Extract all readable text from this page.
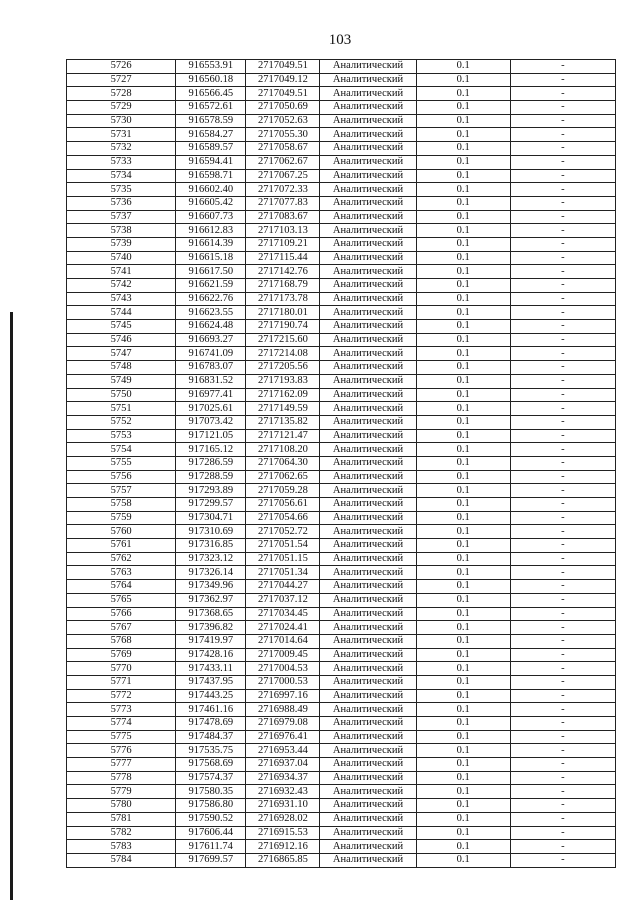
103
5726	916553.91	2717049.51	Аналитический	0.1	-
5727	916560.18	2717049.12	Аналитический	0.1	-
5728	916566.45	2717049.51	Аналитический	0.1	-
5729	916572.61	2717050.69	Аналитический	0.1	-
5730	916578.59	2717052.63	Аналитический	0.1	-
5731	916584.27	2717055.30	Аналитический	0.1	-
5732	916589.57	2717058.67	Аналитический	0.1	-
5733	916594.41	2717062.67	Аналитический	0.1	-
5734	916598.71	2717067.25	Аналитический	0.1	-
5735	916602.40	2717072.33	Аналитический	0.1	-
5736	916605.42	2717077.83	Аналитический	0.1	-
5737	916607.73	2717083.67	Аналитический	0.1	-
5738	916612.83	2717103.13	Аналитический	0.1	-
5739	916614.39	2717109.21	Аналитический	0.1	-
5740	916615.18	2717115.44	Аналитический	0.1	-
5741	916617.50	2717142.76	Аналитический	0.1	-
5742	916621.59	2717168.79	Аналитический	0.1	-
5743	916622.76	2717173.78	Аналитический	0.1	-
5744	916623.55	2717180.01	Аналитический	0.1	-
5745	916624.48	2717190.74	Аналитический	0.1	-
5746	916693.27	2717215.60	Аналитический	0.1	-
5747	916741.09	2717214.08	Аналитический	0.1	-
5748	916783.07	2717205.56	Аналитический	0.1	-
5749	916831.52	2717193.83	Аналитический	0.1	-
5750	916977.41	2717162.09	Аналитический	0.1	-
5751	917025.61	2717149.59	Аналитический	0.1	-
5752	917073.42	2717135.82	Аналитический	0.1	-
5753	917121.05	2717121.47	Аналитический	0.1	-
5754	917165.12	2717108.20	Аналитический	0.1	-
5755	917286.59	2717064.30	Аналитический	0.1	-
5756	917288.59	2717062.65	Аналитический	0.1	-
5757	917293.89	2717059.28	Аналитический	0.1	-
5758	917299.57	2717056.61	Аналитический	0.1	-
5759	917304.71	2717054.66	Аналитический	0.1	-
5760	917310.69	2717052.72	Аналитический	0.1	-
5761	917316.85	2717051.54	Аналитический	0.1	-
5762	917323.12	2717051.15	Аналитический	0.1	-
5763	917326.14	2717051.34	Аналитический	0.1	-
5764	917349.96	2717044.27	Аналитический	0.1	-
5765	917362.97	2717037.12	Аналитический	0.1	-
5766	917368.65	2717034.45	Аналитический	0.1	-
5767	917396.82	2717024.41	Аналитический	0.1	-
5768	917419.97	2717014.64	Аналитический	0.1	-
5769	917428.16	2717009.45	Аналитический	0.1	-
5770	917433.11	2717004.53	Аналитический	0.1	-
5771	917437.95	2717000.53	Аналитический	0.1	-
5772	917443.25	2716997.16	Аналитический	0.1	-
5773	917461.16	2716988.49	Аналитический	0.1	-
5774	917478.69	2716979.08	Аналитический	0.1	-
5775	917484.37	2716976.41	Аналитический	0.1	-
5776	917535.75	2716953.44	Аналитический	0.1	-
5777	917568.69	2716937.04	Аналитический	0.1	-
5778	917574.37	2716934.37	Аналитический	0.1	-
5779	917580.35	2716932.43	Аналитический	0.1	-
5780	917586.80	2716931.10	Аналитический	0.1	-
5781	917590.52	2716928.02	Аналитический	0.1	-
5782	917606.44	2716915.53	Аналитический	0.1	-
5783	917611.74	2716912.16	Аналитический	0.1	-
5784	917699.57	2716865.85	Аналитический	0.1	-
